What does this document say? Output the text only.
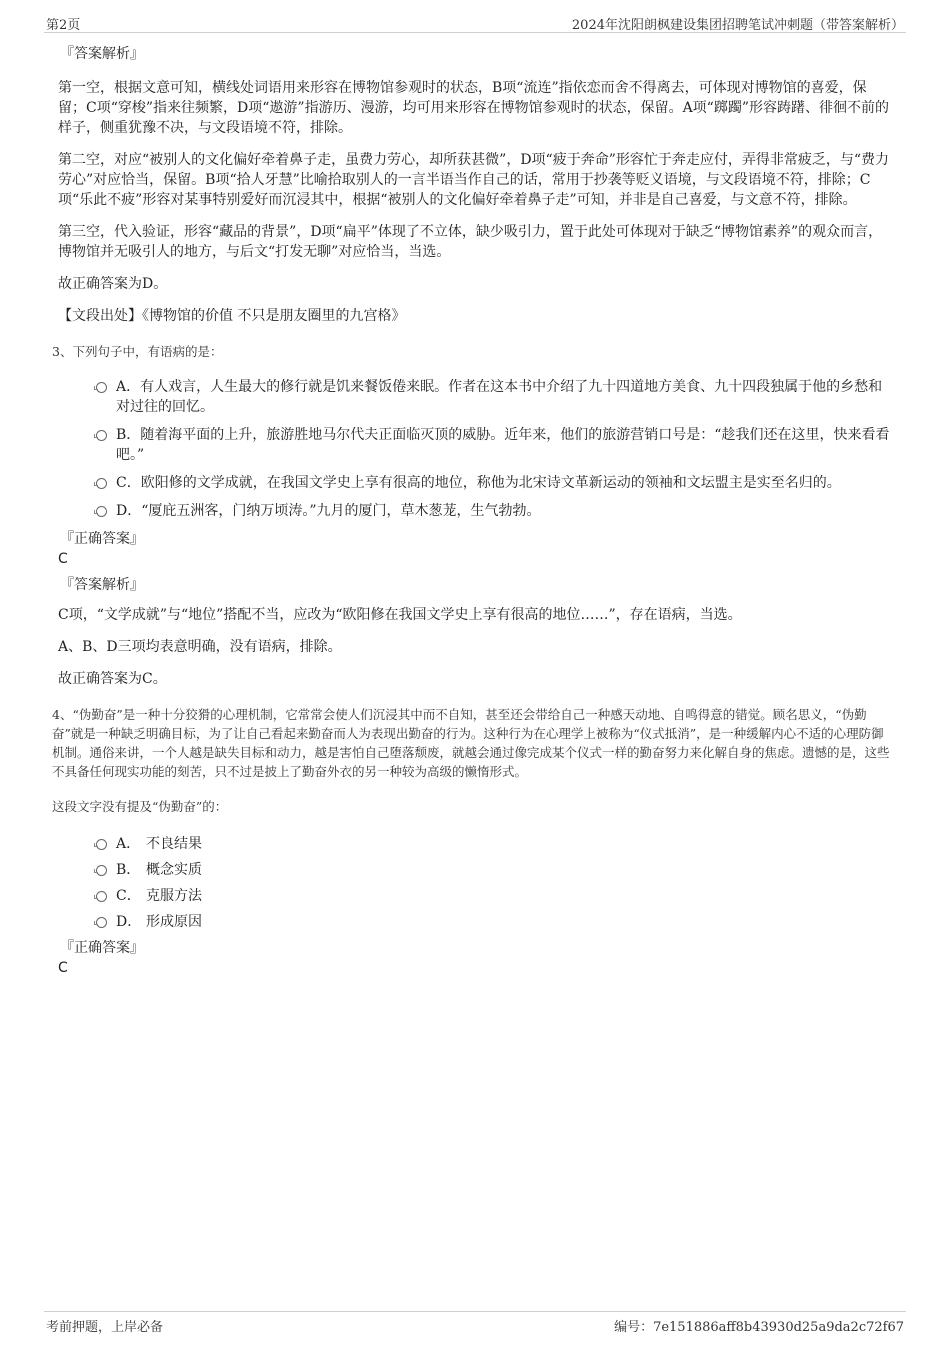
第2页	2024年沈阳朗枫建设集团招聘笔试冲刺题（带答案解析）
『答案解析』
第一空，根据文意可知，横线处词语用来形容在博物馆参观时的状态，B项“流连”指依恋而舍不得离去，可体现对博物馆的喜爱，保留；C项“穿梭”指来往频繁，D项“遨游”指游历、漫游，均可用来形容在博物馆参观时的状态，保留。A项“踯躅”形容踌躇、徘徊不前的样子，侧重犹豫不决，与文段语境不符，排除。
第二空，对应“被别人的文化偏好牵着鼻子走，虽费力劳心，却所获甚微”，D项“疲于奔命”形容忙于奔走应付，弄得非常疲乏，与“费力劳心”对应恰当，保留。B项“拾人牙慧”比喻拾取别人的一言半语当作自己的话，常用于抄袭等贬义语境，与文段语境不符，排除；C项“乐此不疲”形容对某事特别爱好而沉浸其中，根据“被别人的文化偏好牵着鼻子走”可知，并非是自己喜爱，与文意不符，排除。
第三空，代入验证，形容“藏品的背景”，D项“扁平”体现了不立体，缺少吸引力，置于此处可体现对于缺乏“博物馆素养”的观众而言，博物馆并无吸引人的地方，与后文“打发无聊”对应恰当，当选。
故正确答案为D。
【文段出处】《博物馆的价值 不只是朋友圈里的九宫格》
3、下列句子中，有语病的是：
A．有人戏言，人生最大的修行就是饥来餐饭倦来眠。作者在这本书中介绍了九十四道地方美食、九十四段独属于他的乡愁和对过往的回忆。
B．随着海平面的上升，旅游胜地马尔代夫正面临灭顶的威胁。近年来，他们的旅游营销口号是：“趁我们还在这里，快来看看吧。”
C．欧阳修的文学成就，在我国文学史上享有很高的地位，称他为北宋诗文革新运动的领袖和文坛盟主是实至名归的。
D．“厦庇五洲客，门纳万顷涛。”九月的厦门，草木葱茏，生气勃勃。
『正确答案』
C
『答案解析』
C项，“文学成就”与“地位”搭配不当，应改为“欧阳修在我国文学史上享有很高的地位……”，存在语病，当选。
A、B、D三项均表意明确，没有语病，排除。
故正确答案为C。
4、“伪勤奋”是一种十分狡猾的心理机制，它常常会使人们沉浸其中而不自知，甚至还会带给自己一种感天动地、自鸣得意的错觉。顾名思义，“伪勤奋”就是一种缺乏明确目标，为了让自己看起来勤奋而人为表现出勤奋的行为。这种行为在心理学上被称为“仪式抵消”，是一种缓解内心不适的心理防御机制。通俗来讲，一个人越是缺失目标和动力，越是害怕自己堕落颓废，就越会通过像完成某个仪式一样的勤奋努力来化解自身的焦虑。遗憾的是，这些不具备任何现实功能的刻苦，只不过是披上了勤奋外衣的另一种较为高级的懒惰形式。
这段文字没有提及“伪勤奋”的：
A． 不良结果
B． 概念实质
C． 克服方法
D． 形成原因
『正确答案』
C
考前押题，上岸必备	编号：7e151886aff8b43930d25a9da2c72f67
